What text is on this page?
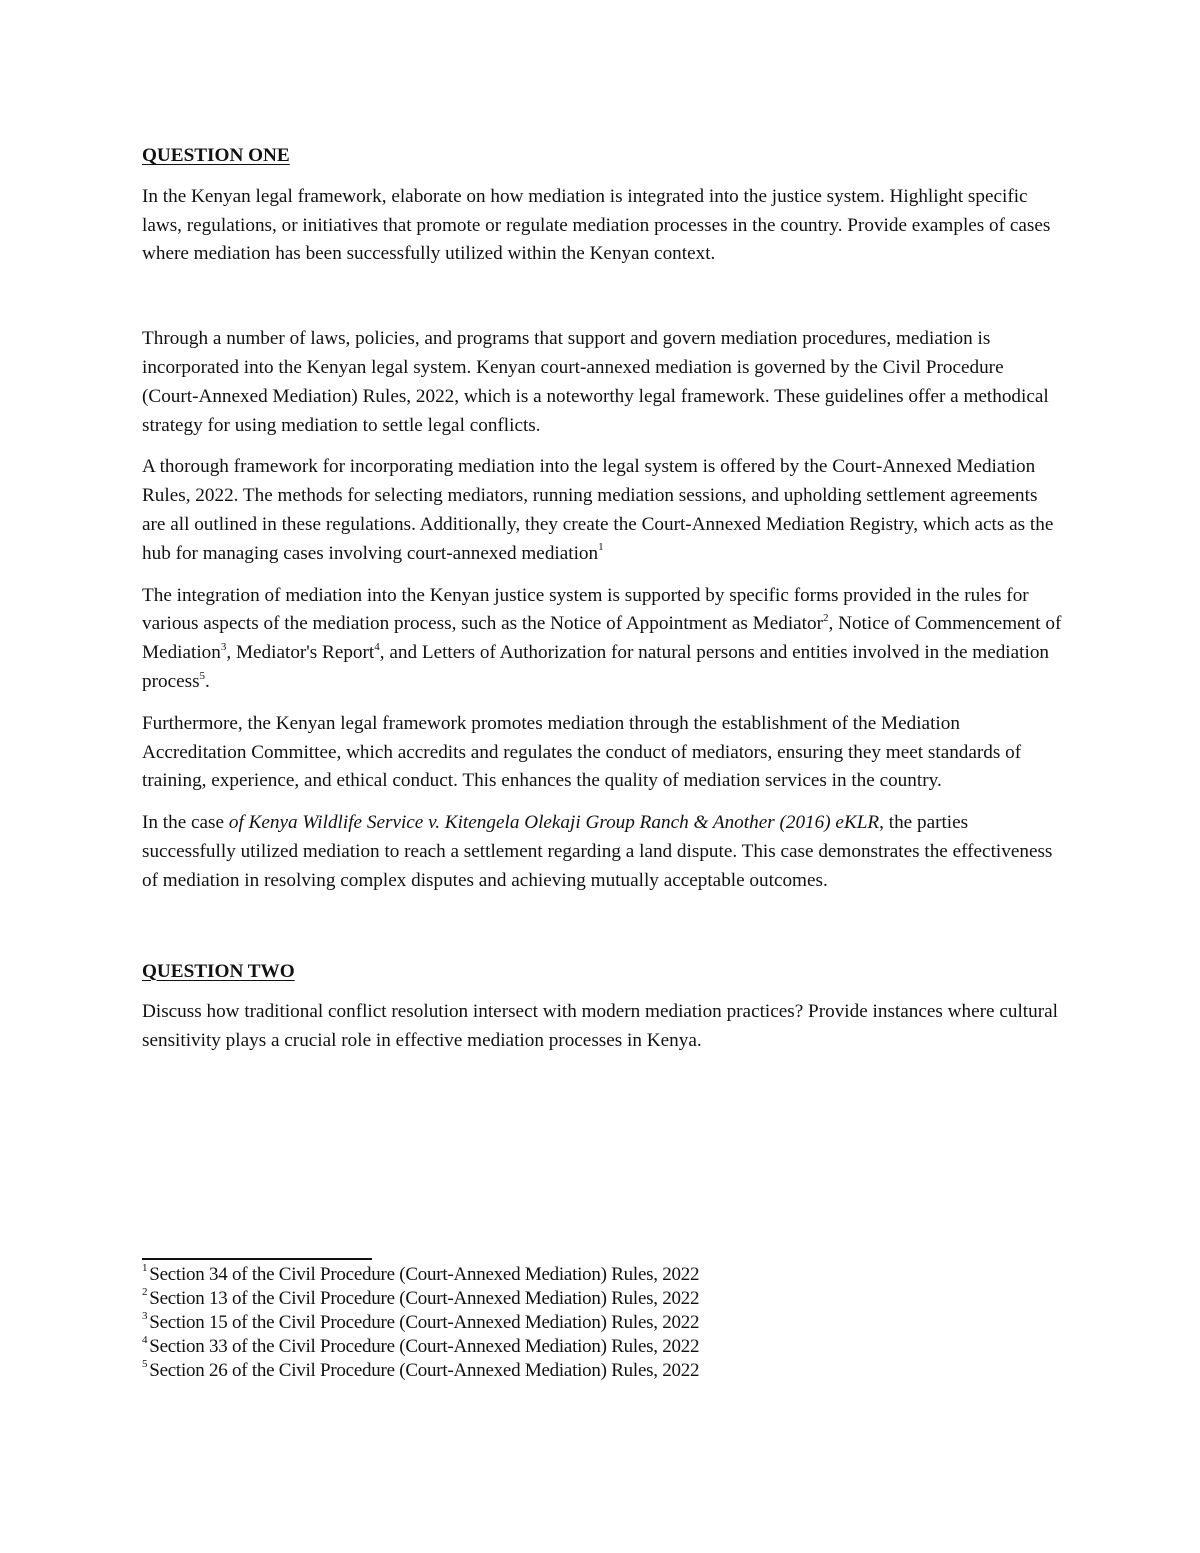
QUESTION ONE

In the Kenyan legal framework, elaborate on how mediation is integrated into the justice system. Highlight specific laws, regulations, or initiatives that promote or regulate mediation processes in the country. Provide examples of cases where mediation has been successfully utilized within the Kenyan context.

Through a number of laws, policies, and programs that support and govern mediation procedures, mediation is incorporated into the Kenyan legal system. Kenyan court-annexed mediation is governed by the Civil Procedure (Court-Annexed Mediation) Rules, 2022, which is a noteworthy legal framework. These guidelines offer a methodical strategy for using mediation to settle legal conflicts.

A thorough framework for incorporating mediation into the legal system is offered by the Court-Annexed Mediation Rules, 2022. The methods for selecting mediators, running mediation sessions, and upholding settlement agreements are all outlined in these regulations. Additionally, they create the Court-Annexed Mediation Registry, which acts as the hub for managing cases involving court-annexed mediation$^1$

The integration of mediation into the Kenyan justice system is supported by specific forms provided in the rules for various aspects of the mediation process, such as the Notice of Appointment as Mediator$^2$, Notice of Commencement of Mediation$^3$, Mediator's Report$^4$, and Letters of Authorization for natural persons and entities involved in the mediation process$^5$.

Furthermore, the Kenyan legal framework promotes mediation through the establishment of the Mediation Accreditation Committee, which accredits and regulates the conduct of mediators, ensuring they meet standards of training, experience, and ethical conduct. This enhances the quality of mediation services in the country.

In the case of Kenya Wildlife Service v. Kitengela Olekaji Group Ranch & Another (2016) eKLR, the parties successfully utilized mediation to reach a settlement regarding a land dispute. This case demonstrates the effectiveness of mediation in resolving complex disputes and achieving mutually acceptable outcomes.

QUESTION TWO

Discuss how traditional conflict resolution intersect with modern mediation practices? Provide instances where cultural sensitivity plays a crucial role in effective mediation processes in Kenya.

$^1$ Section 34 of the Civil Procedure (Court-Annexed Mediation) Rules, 2022
$^2$ Section 13 of the Civil Procedure (Court-Annexed Mediation) Rules, 2022
$^3$ Section 15 of the Civil Procedure (Court-Annexed Mediation) Rules, 2022
$^4$ Section 33 of the Civil Procedure (Court-Annexed Mediation) Rules, 2022
$^5$ Section 26 of the Civil Procedure (Court-Annexed Mediation) Rules, 2022
